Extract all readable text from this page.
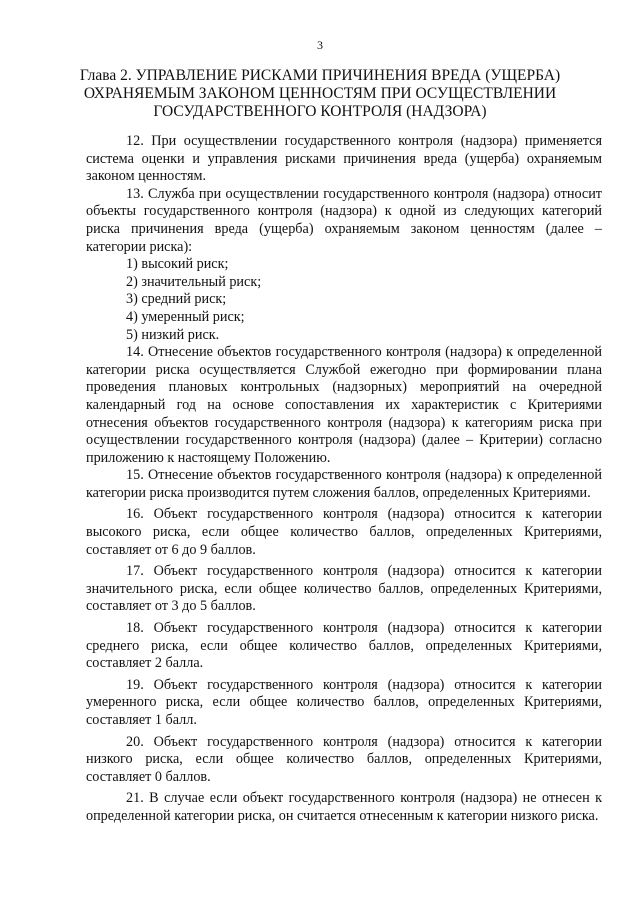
3
Глава 2. УПРАВЛЕНИЕ РИСКАМИ ПРИЧИНЕНИЯ ВРЕДА (УЩЕРБА)
ОХРАНЯЕМЫМ ЗАКОНОМ ЦЕННОСТЯМ ПРИ ОСУЩЕСТВЛЕНИИ
ГОСУДАРСТВЕННОГО КОНТРОЛЯ (НАДЗОРА)

12. При осуществлении государственного контроля (надзора) применяется система оценки и управления рисками причинения вреда (ущерба) охраняемым законом ценностям.

13. Служба при осуществлении государственного контроля (надзора) относит объекты государственного контроля (надзора) к одной из следующих категорий риска причинения вреда (ущерба) охраняемым законом ценностям (далее – категории риска):

1) высокий риск;

2) значительный риск;

3) средний риск;

4) умеренный риск;

5) низкий риск.

14. Отнесение объектов государственного контроля (надзора) к определенной категории риска осуществляется Службой ежегодно при формировании плана проведения плановых контрольных (надзорных) мероприятий на очередной календарный год на основе сопоставления их характеристик с Критериями отнесения объектов государственного контроля (надзора) к категориям риска при осуществлении государственного контроля (надзора) (далее – Критерии) согласно приложению к настоящему Положению.

15. Отнесение объектов государственного контроля (надзора) к определенной категории риска производится путем сложения баллов, определенных Критериями.

16. Объект государственного контроля (надзора) относится к категории высокого риска, если общее количество баллов, определенных Критериями, составляет от 6 до 9 баллов.

17. Объект государственного контроля (надзора) относится к категории значительного риска, если общее количество баллов, определенных Критериями, составляет от 3 до 5 баллов.

18. Объект государственного контроля (надзора) относится к категории среднего риска, если общее количество баллов, определенных Критериями, составляет 2 балла.

19. Объект государственного контроля (надзора) относится к категории умеренного риска, если общее количество баллов, определенных Критериями, составляет 1 балл.

20. Объект государственного контроля (надзора) относится к категории низкого риска, если общее количество баллов, определенных Критериями, составляет 0 баллов.

21. В случае если объект государственного контроля (надзора) не отнесен к определенной категории риска, он считается отнесенным к категории низкого риска.
